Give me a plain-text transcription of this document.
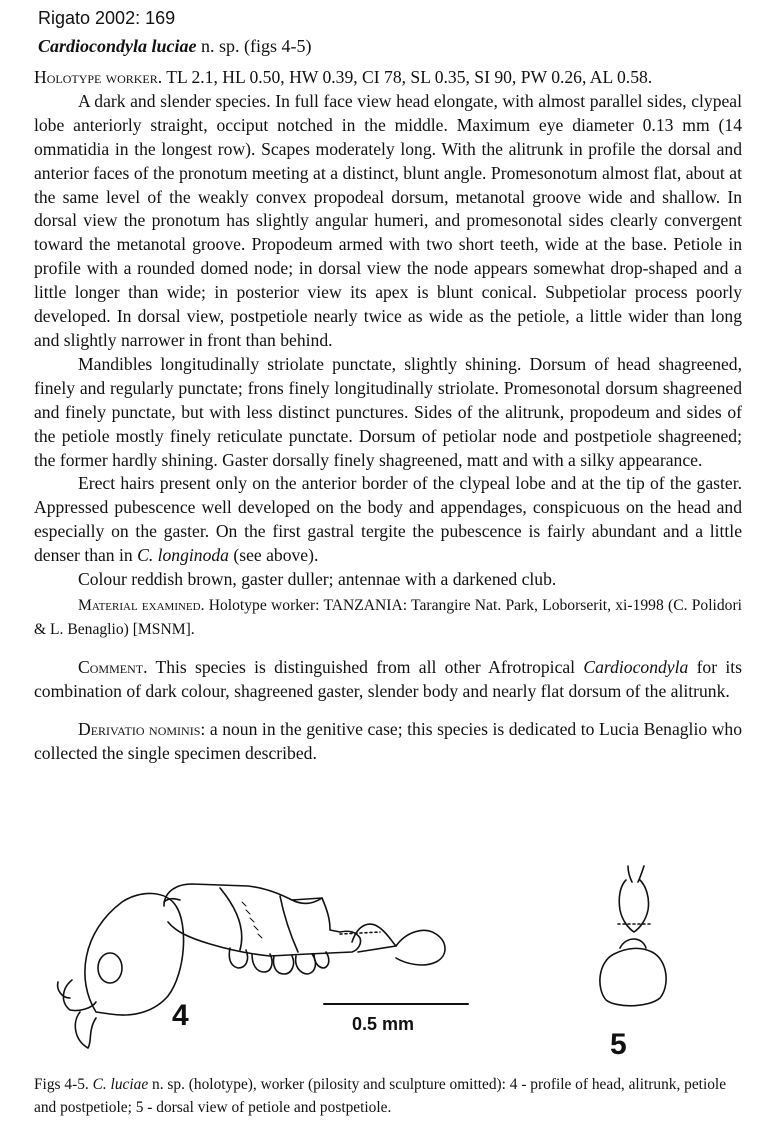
Rigato 2002: 169
Cardiocondyla luciae n. sp. (figs 4-5)

Holotype worker. TL 2.1, HL 0.50, HW 0.39, CI 78, SL 0.35, SI 90, PW 0.26, AL 0.58.

A dark and slender species. In full face view head elongate, with almost parallel sides, clypeal lobe anteriorly straight, occiput notched in the middle. Maximum eye diameter 0.13 mm (14 ommatidia in the longest row). Scapes moderately long. With the alitrunk in profile the dorsal and anterior faces of the pronotum meeting at a distinct, blunt angle. Promesonotum almost flat, about at the same level of the weakly convex propodeal dorsum, metanotal groove wide and shallow. In dorsal view the pronotum has slightly angular humeri, and promesonotal sides clearly convergent toward the metanotal groove. Propodeum armed with two short teeth, wide at the base. Petiole in profile with a rounded domed node; in dorsal view the node appears somewhat drop-shaped and a little longer than wide; in posterior view its apex is blunt conical. Subpetiolar process poorly developed. In dorsal view, postpetiole nearly twice as wide as the petiole, a little wider than long and slightly narrower in front than behind.

Mandibles longitudinally striolate punctate, slightly shining. Dorsum of head shagreened, finely and regularly punctate; frons finely longitudinally striolate. Promesonotal dorsum shagreened and finely punctate, but with less distinct punctures. Sides of the alitrunk, propodeum and sides of the petiole mostly finely reticulate punctate. Dorsum of petiolar node and postpetiole shagreened; the former hardly shining. Gaster dorsally finely shagreened, matt and with a silky appearance.

Erect hairs present only on the anterior border of the clypeal lobe and at the tip of the gaster. Appressed pubescence well developed on the body and appendages, conspicuous on the head and especially on the gaster. On the first gastral tergite the pubescence is fairly abundant and a little denser than in C. longinoda (see above).

Colour reddish brown, gaster duller; antennae with a darkened club.

Material examined. Holotype worker: TANZANIA: Tarangire Nat. Park, Loborserit, xi-1998 (C. Polidori & L. Benaglio) [MSNM].

Comment. This species is distinguished from all other Afrotropical Cardiocondyla for its combination of dark colour, shagreened gaster, slender body and nearly flat dorsum of the alitrunk.

Derivatio nominis: a noun in the genitive case; this species is dedicated to Lucia Benaglio who collected the single specimen described.

4
5
0.5 mm
Figs 4-5. C. luciae n. sp. (holotype), worker (pilosity and sculpture omitted): 4 - profile of head, alitrunk, petiole and postpetiole; 5 - dorsal view of petiole and postpetiole.
